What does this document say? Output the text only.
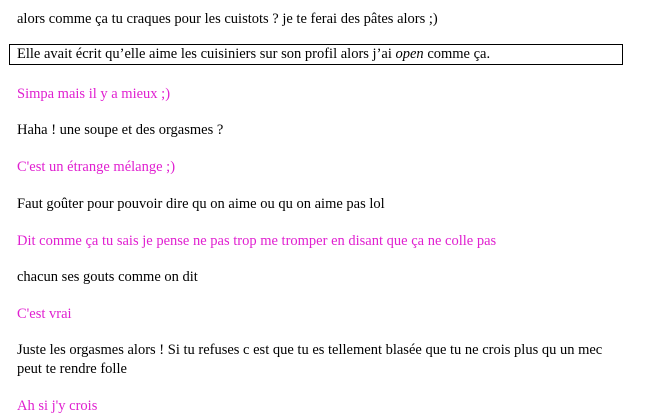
alors comme ça tu craques pour les cuistots ? je te ferai des pâtes alors ;)
Elle avait écrit qu’elle aime les cuisiniers sur son profil alors j’ai open comme ça.
Simpa mais il y a mieux ;)
Haha ! une soupe et des orgasmes ?
C'est un étrange mélange ;)
Faut goûter pour pouvoir dire qu on aime ou qu on aime pas lol
Dit comme ça tu sais je pense ne pas trop me tromper en disant que ça ne colle pas
chacun ses gouts comme on dit
C'est vrai
Juste les orgasmes alors ! Si tu refuses c est que tu es tellement blasée que tu ne crois plus qu un mec peut te rendre folle
Ah si j'y crois
